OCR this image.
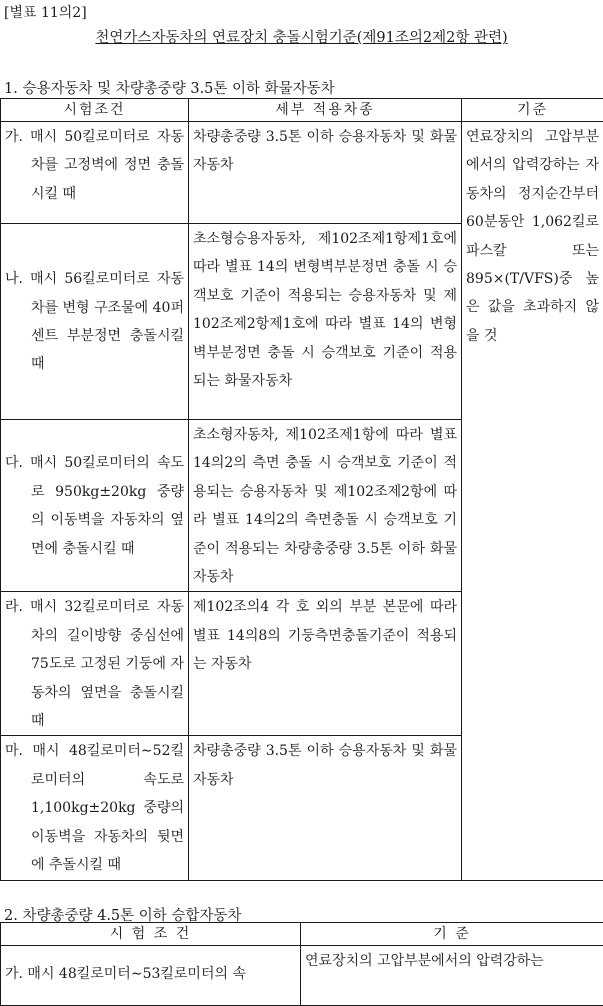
[별표 11의2]
천연가스자동차의 연료장치 충돌시험기준(제91조의2제2항 관련)
1. 승용자동차 및 차량총중량 3.5톤 이하 화물자동차
시험조건	세부 적용차종	기준

가. 매시 50킬로미터로 자동차를 고정벽에 정면 충돌시킬 때	차량총중량 3.5톤 이하 승용자동차 및 화물자동차	연료장치의 고압부분에서의 압력강하는 자동차의 정지순간부터 60분동안 1,062킬로파스칼 또는 895×(T/VFS)중 높은 값을 초과하지 않을 것

나. 매시 56킬로미터로 자동차를 변형 구조물에 40퍼센트 부분정면 충돌시킬 때	초소형승용자동차, 제102조제1항제1호에 따라 별표 14의 변형벽부분정면 충돌 시 승객보호 기준이 적용되는 승용자동차 및 제102조제2항제1호에 따라 별표 14의 변형벽부분정면 충돌 시 승객보호 기준이 적용되는 화물자동차	

다. 매시 50킬로미터의 속도로 950kg±20kg 중량의 이동벽을 자동차의 옆면에 충돌시킬 때	초소형자동차, 제102조제1항에 따라 별표 14의2의 측면 충돌 시 승객보호 기준이 적용되는 승용자동차 및 제102조제2항에 따라 별표 14의2의 측면충돌 시 승객보호 기준이 적용되는 차량총중량 3.5톤 이하 화물자동차	

라. 매시 32킬로미터로 자동차의 길이방향 중심선에 75도로 고정된 기둥에 자동차의 옆면을 충돌시킬 때	제102조의4 각 호 외의 부분 본문에 따라 별표 14의8의 기둥측면충돌기준이 적용되는 자동차	

마. 매시 48킬로미터∼52킬로미터의 속도로 1,100kg±20kg 중량의 이동벽을 자동차의 뒷면에 추돌시킬 때	차량총중량 3.5톤 이하 승용자동차 및 화물자동차	
2. 차량총중량 4.5톤 이하 승합자동차
시 험 조 건	기 준

가. 매시 48킬로미터∼53킬로미터의 속	연료장치의 고압부분에서의 압력강하는
